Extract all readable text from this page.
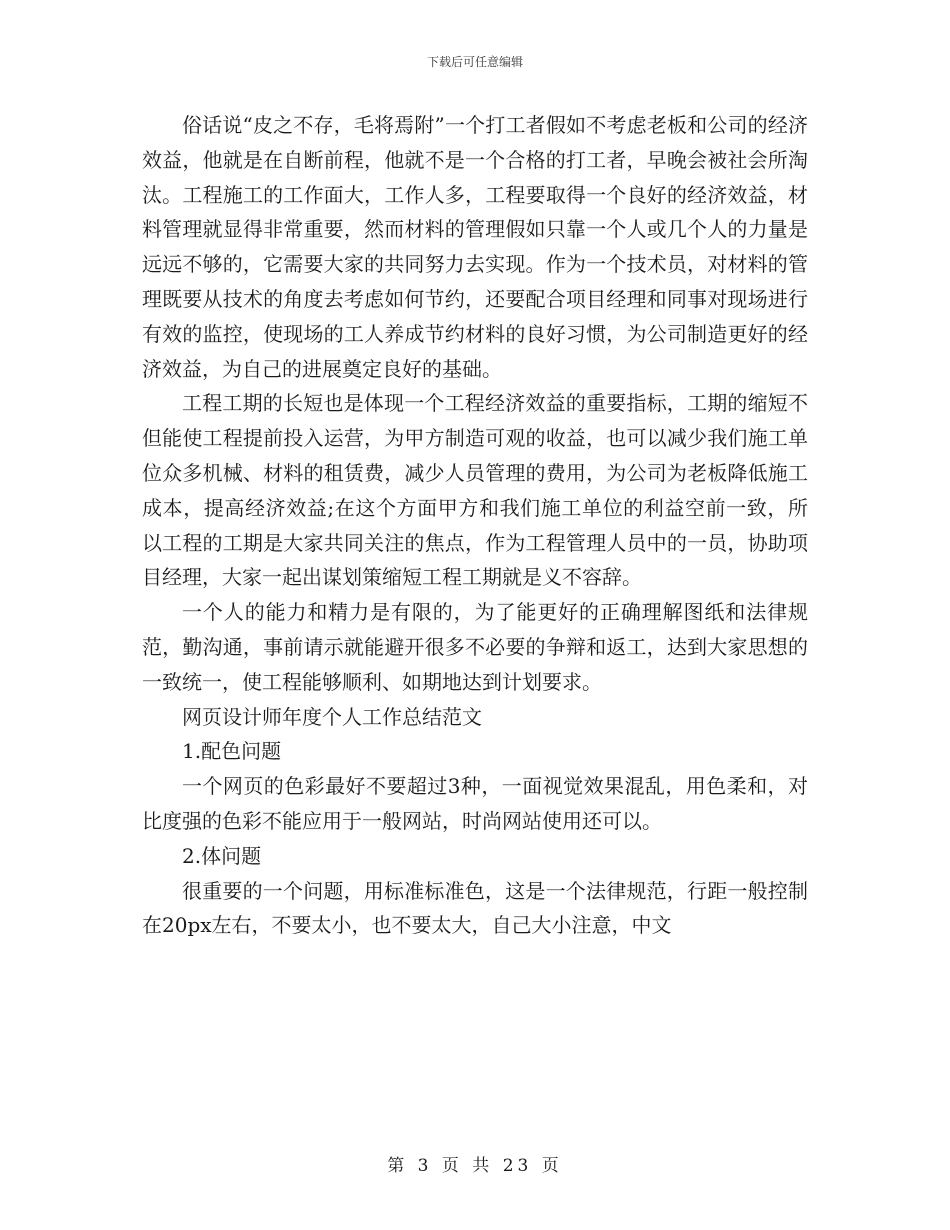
下载后可任意编辑

俗话说“皮之不存，毛将焉附”一个打工者假如不考虑老板和公司的经济效益，他就是在自断前程，他就不是一个合格的打工者，早晚会被社会所淘汰。工程施工的工作面大，工作人多，工程要取得一个良好的经济效益，材料管理就显得非常重要，然而材料的管理假如只靠一个人或几个人的力量是远远不够的，它需要大家的共同努力去实现。作为一个技术员，对材料的管理既要从技术的角度去考虑如何节约，还要配合项目经理和同事对现场进行有效的监控，使现场的工人养成节约材料的良好习惯，为公司制造更好的经济效益，为自己的进展奠定良好的基础。

工程工期的长短也是体现一个工程经济效益的重要指标，工期的缩短不但能使工程提前投入运营，为甲方制造可观的收益，也可以减少我们施工单位众多机械、材料的租赁费，减少人员管理的费用，为公司为老板降低施工成本，提高经济效益;在这个方面甲方和我们施工单位的利益空前一致，所以工程的工期是大家共同关注的焦点，作为工程管理人员中的一员，协助项目经理，大家一起出谋划策缩短工程工期就是义不容辞。

一个人的能力和精力是有限的，为了能更好的正确理解图纸和法律规范，勤沟通，事前请示就能避开很多不必要的争辩和返工，达到大家思想的一致统一，使工程能够顺利、如期地达到计划要求。

网页设计师年度个人工作总结范文

1.配色问题

一个网页的色彩最好不要超过3种，一面视觉效果混乱，用色柔和，对比度强的色彩不能应用于一般网站，时尚网站使用还可以。

2.体问题

很重要的一个问题，用标准标准色，这是一个法律规范，行距一般控制在20px左右，不要太小，也不要太大，自己大小注意，中文

第 3 页 共 23 页
